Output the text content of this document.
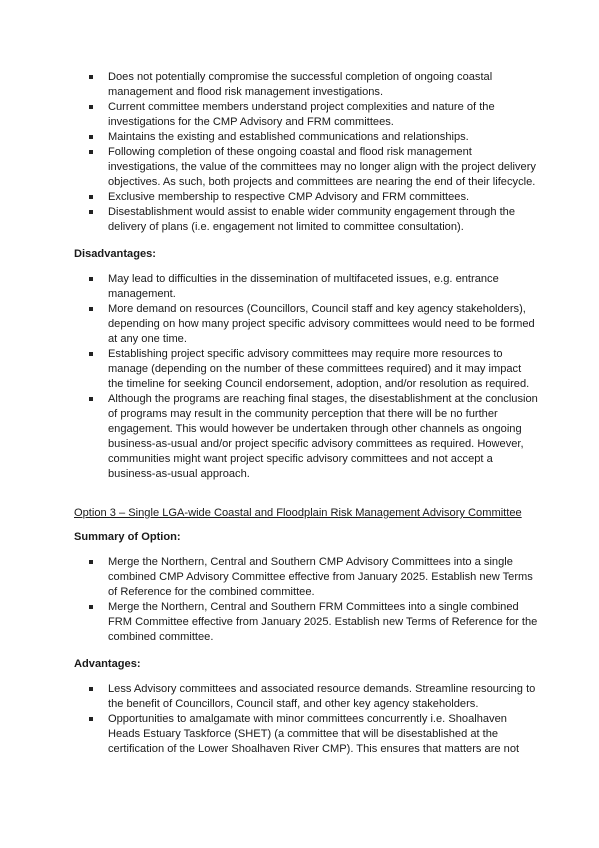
Does not potentially compromise the successful completion of ongoing coastal management and flood risk management investigations.
Current committee members understand project complexities and nature of the investigations for the CMP Advisory and FRM committees.
Maintains the existing and established communications and relationships.
Following completion of these ongoing coastal and flood risk management investigations, the value of the committees may no longer align with the project delivery objectives. As such, both projects and committees are nearing the end of their lifecycle.
Exclusive membership to respective CMP Advisory and FRM committees.
Disestablishment would assist to enable wider community engagement through the delivery of plans (i.e. engagement not limited to committee consultation).

Disadvantages:

May lead to difficulties in the dissemination of multifaceted issues, e.g. entrance management.
More demand on resources (Councillors, Council staff and key agency stakeholders), depending on how many project specific advisory committees would need to be formed at any one time.
Establishing project specific advisory committees may require more resources to manage (depending on the number of these committees required) and it may impact the timeline for seeking Council endorsement, adoption, and/or resolution as required.
Although the programs are reaching final stages, the disestablishment at the conclusion of programs may result in the community perception that there will be no further engagement. This would however be undertaken through other channels as ongoing business-as-usual and/or project specific advisory committees as required. However, communities might want project specific advisory committees and not accept a business-as-usual approach.

Option 3 – Single LGA-wide Coastal and Floodplain Risk Management Advisory Committee

Summary of Option:

Merge the Northern, Central and Southern CMP Advisory Committees into a single combined CMP Advisory Committee effective from January 2025. Establish new Terms of Reference for the combined committee.
Merge the Northern, Central and Southern FRM Committees into a single combined FRM Committee effective from January 2025. Establish new Terms of Reference for the combined committee.

Advantages:

Less Advisory committees and associated resource demands. Streamline resourcing to the benefit of Councillors, Council staff, and other key agency stakeholders.
Opportunities to amalgamate with minor committees concurrently i.e. Shoalhaven Heads Estuary Taskforce (SHET) (a committee that will be disestablished at the certification of the Lower Shoalhaven River CMP). This ensures that matters are not
